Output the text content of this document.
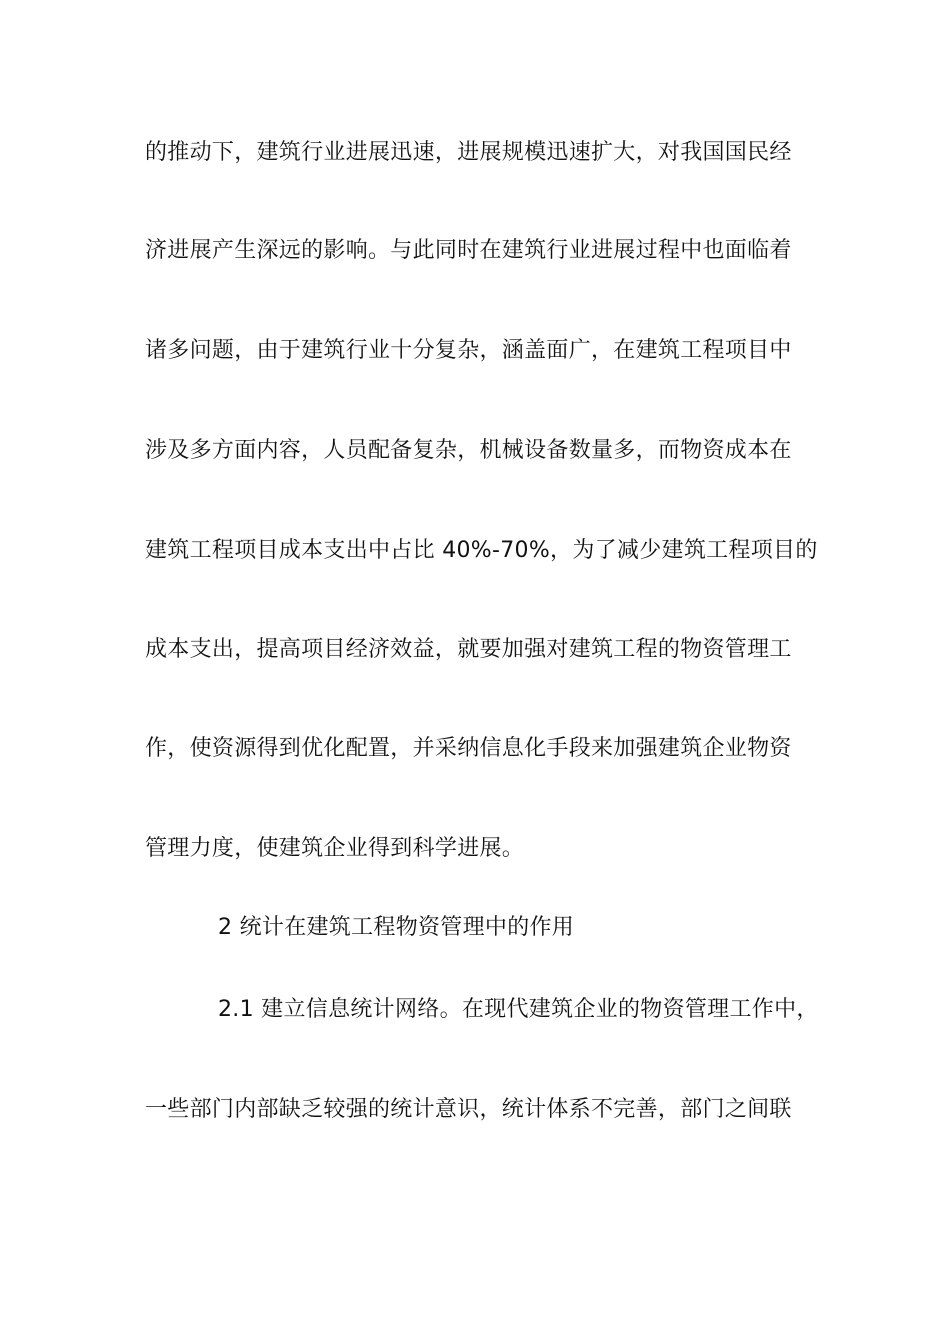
的推动下，建筑行业进展迅速，进展规模迅速扩大，对我国国民经
济进展产生深远的影响。与此同时在建筑行业进展过程中也面临着
诸多问题，由于建筑行业十分复杂，涵盖面广，在建筑工程项目中
涉及多方面内容，人员配备复杂，机械设备数量多，而物资成本在
建筑工程项目成本支出中占比 40%-70%，为了减少建筑工程项目的
成本支出，提高项目经济效益，就要加强对建筑工程的物资管理工
作，使资源得到优化配置，并采纳信息化手段来加强建筑企业物资
管理力度，使建筑企业得到科学进展。
2 统计在建筑工程物资管理中的作用
2.1 建立信息统计网络。在现代建筑企业的物资管理工作中，
一些部门内部缺乏较强的统计意识，统计体系不完善，部门之间联
